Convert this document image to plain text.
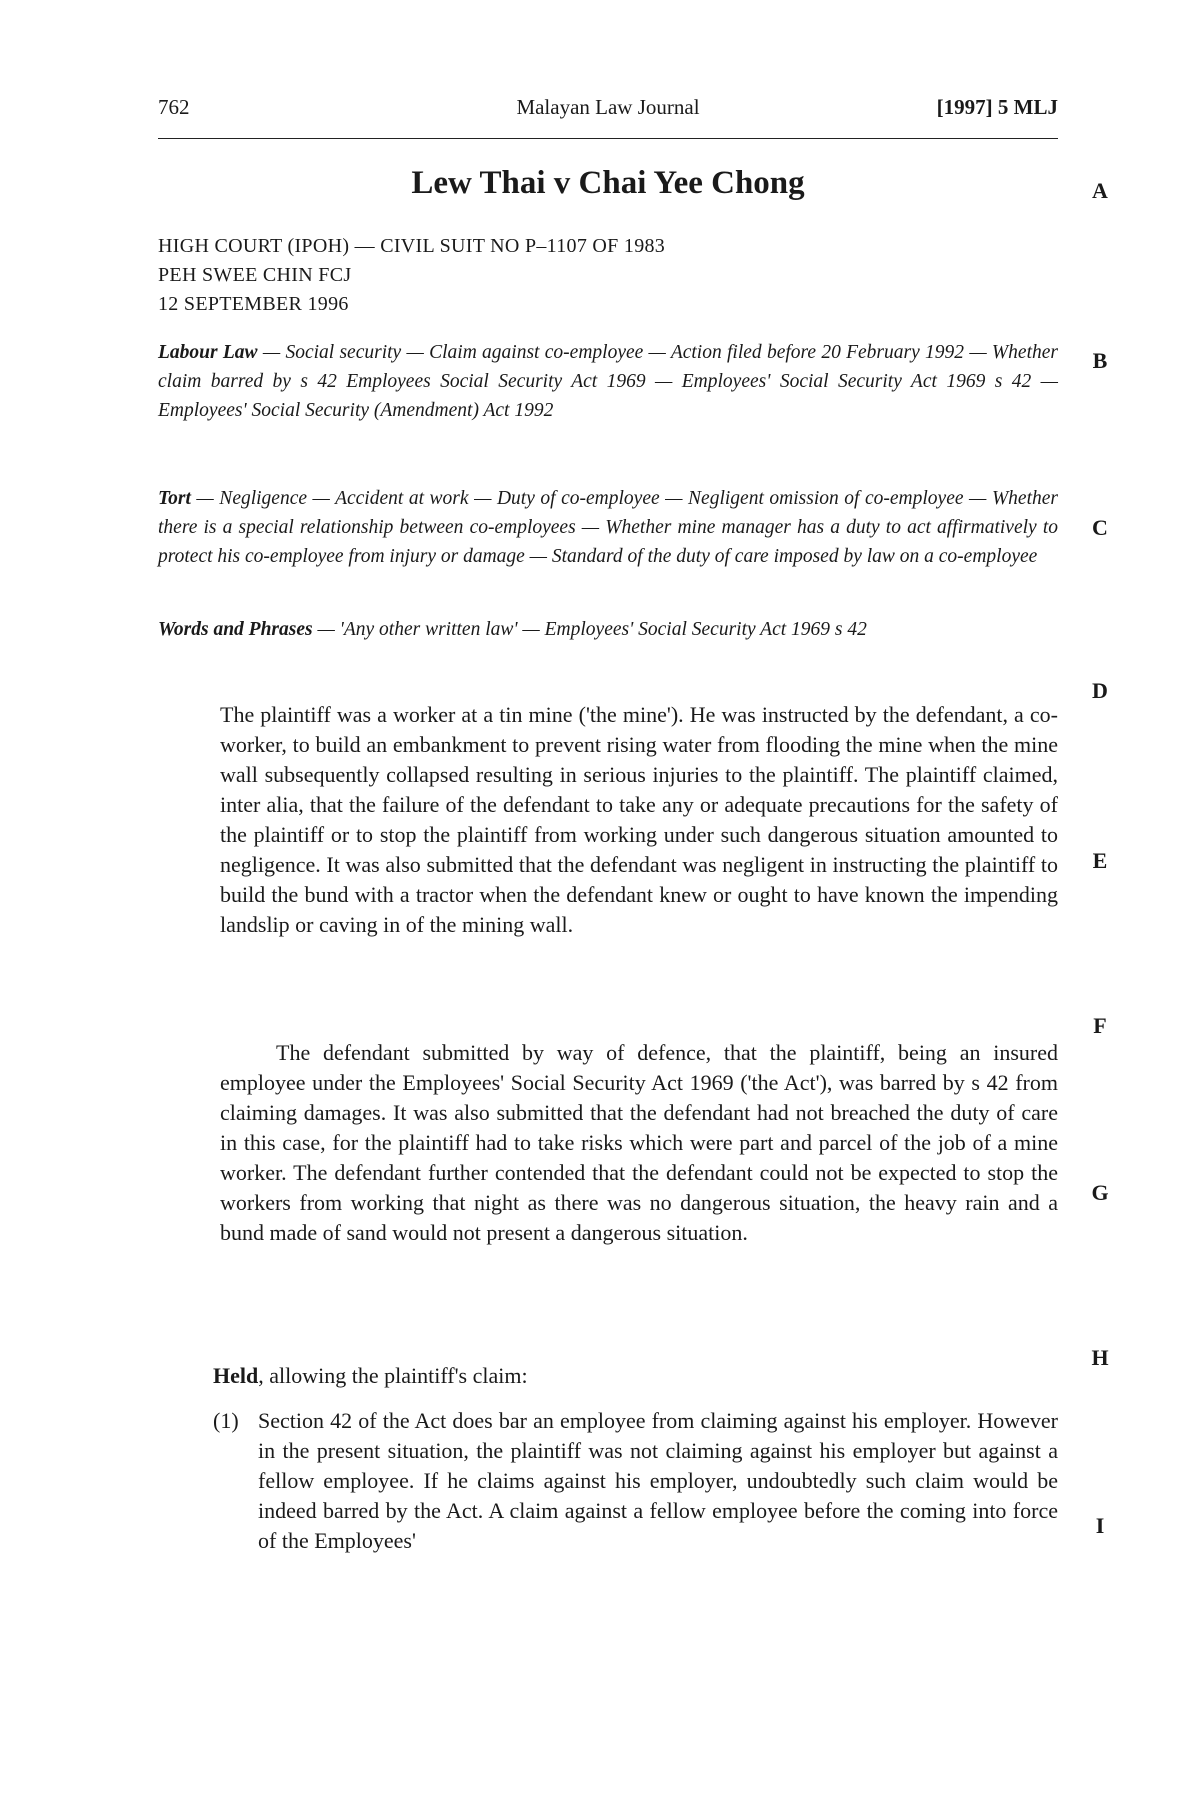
762	Malayan Law Journal	[1997] 5 MLJ
Lew Thai v Chai Yee Chong
HIGH COURT (IPOH) — CIVIL SUIT NO P–1107 OF 1983
PEH SWEE CHIN FCJ
12 SEPTEMBER 1996
Labour Law — Social security — Claim against co-employee — Action filed before 20 February 1992 — Whether claim barred by s 42 Employees Social Security Act 1969 — Employees' Social Security Act 1969 s 42 — Employees' Social Security (Amendment) Act 1992
Tort — Negligence — Accident at work — Duty of co-employee — Negligent omission of co-employee — Whether there is a special relationship between co-employees — Whether mine manager has a duty to act affirmatively to protect his co-employee from injury or damage — Standard of the duty of care imposed by law on a co-employee
Words and Phrases — 'Any other written law' — Employees' Social Security Act 1969 s 42
The plaintiff was a worker at a tin mine ('the mine'). He was instructed by the defendant, a co-worker, to build an embankment to prevent rising water from flooding the mine when the mine wall subsequently collapsed resulting in serious injuries to the plaintiff. The plaintiff claimed, inter alia, that the failure of the defendant to take any or adequate precautions for the safety of the plaintiff or to stop the plaintiff from working under such dangerous situation amounted to negligence. It was also submitted that the defendant was negligent in instructing the plaintiff to build the bund with a tractor when the defendant knew or ought to have known the impending landslip or caving in of the mining wall.
The defendant submitted by way of defence, that the plaintiff, being an insured employee under the Employees' Social Security Act 1969 ('the Act'), was barred by s 42 from claiming damages. It was also submitted that the defendant had not breached the duty of care in this case, for the plaintiff had to take risks which were part and parcel of the job of a mine worker. The defendant further contended that the defendant could not be expected to stop the workers from working that night as there was no dangerous situation, the heavy rain and a bund made of sand would not present a dangerous situation.
Held, allowing the plaintiff's claim:
(1) Section 42 of the Act does bar an employee from claiming against his employer. However in the present situation, the plaintiff was not claiming against his employer but against a fellow employee. If he claims against his employer, undoubtedly such claim would be indeed barred by the Act. A claim against a fellow employee before the coming into force of the Employees'
A
B
C
D
E
F
G
H
I
